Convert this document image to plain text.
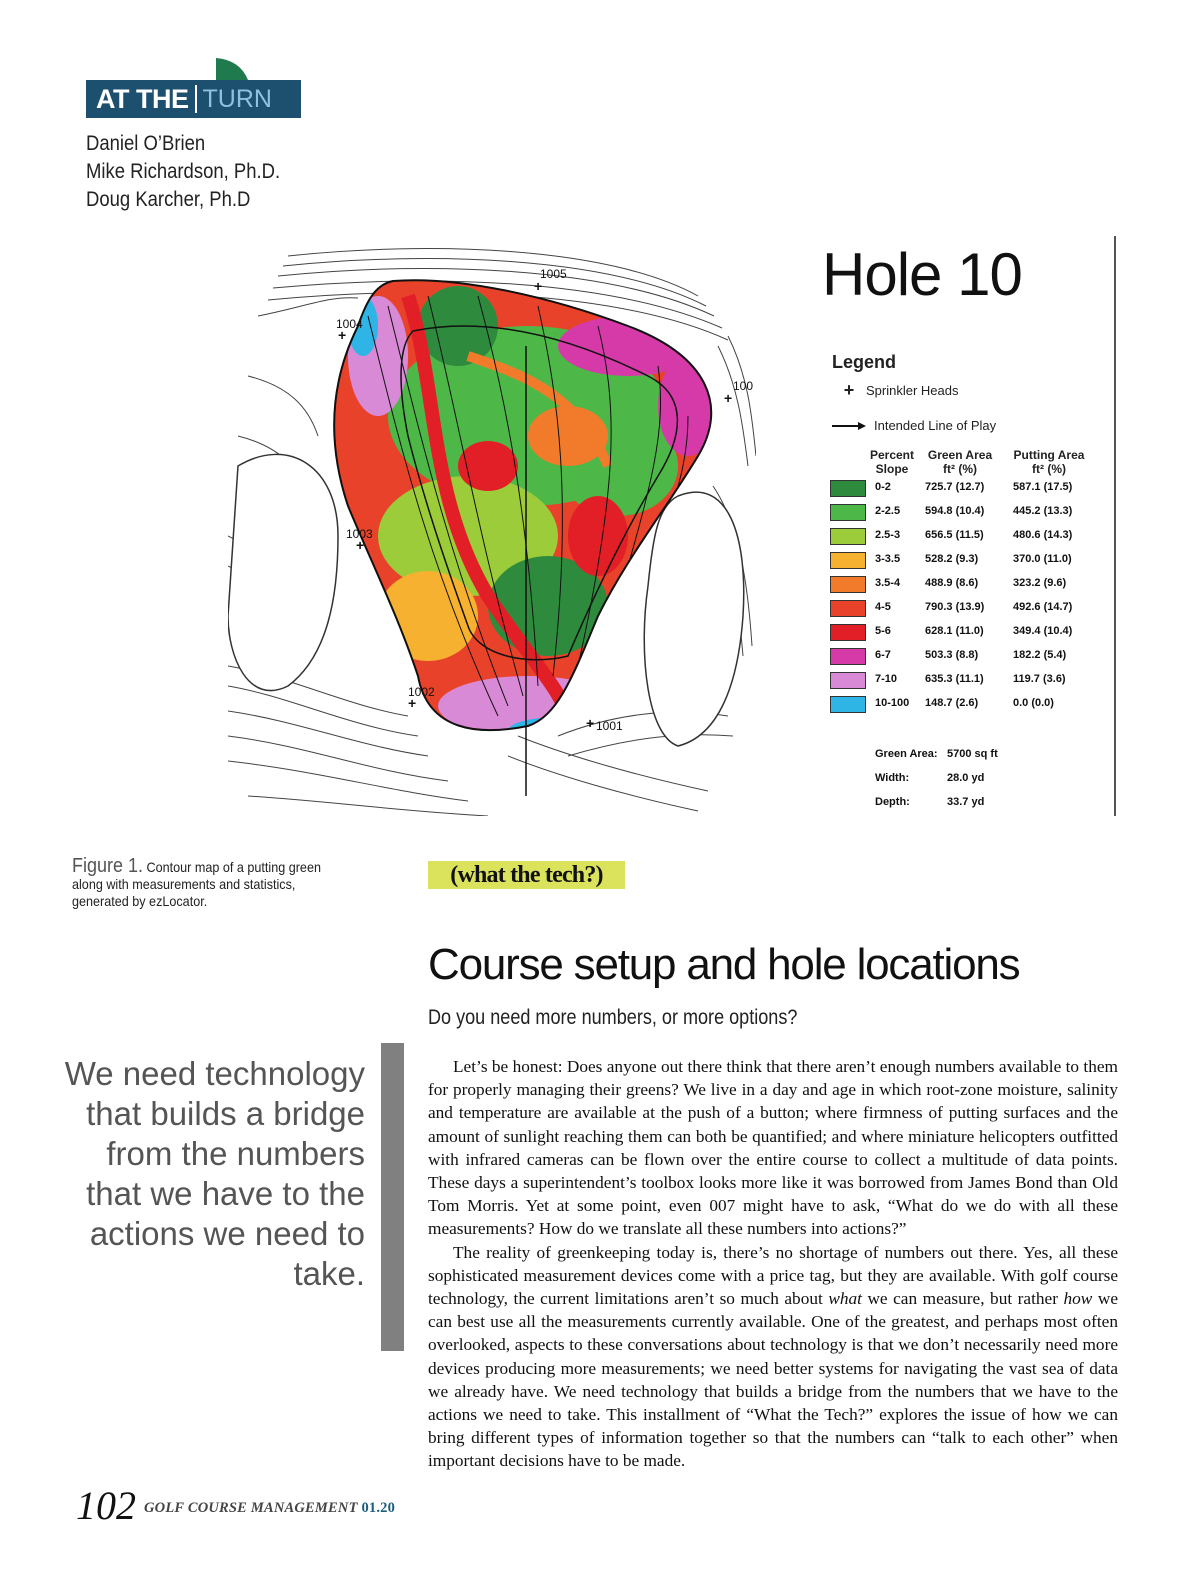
AT THE TURN
Daniel O’Brien
Mike Richardson, Ph.D.
Doug Karcher, Ph.D
1005
1004
1003
1002
1001
100
+
+
+
+
+
+
Hole 10
Legend
+ Sprinkler Heads
Intended Line of Play
Percent Slope
Green Area ft² (%)
Putting Area ft² (%)
0-2	725.7 (12.7)	587.1 (17.5)
2-2.5 594.8 (10.4)	445.2 (13.3)
2.5-3 656.5 (11.5)	480.6 (14.3)
3-3.5 528.2 (9.3)	370.0 (11.0)
3.5-4 488.9 (8.6)	323.2 (9.6)
4-5	790.3 (13.9)	492.6 (14.7)
5-6	628.1 (11.0)	349.4 (10.4)
6-7	503.3 (8.8)	182.2 (5.4)
7-10	635.3 (11.1)	119.7 (3.6)
10-100 148.7 (2.6)	0.0 (0.0)
Green Area: 5700 sq ft
Width:	28.0 yd
Depth:	33.7 yd
Figure 1. Contour map of a putting green along with measurements and statistics, generated by ezLocator.
(what the tech?)
Course setup and hole locations
Do you need more numbers, or more options?
We need technology that builds a bridge from the numbers that we have to the actions we need to take.

Let’s be honest: Does anyone out there think that there aren’t enough numbers available to them for properly managing their greens? We live in a day and age in which root-zone moisture, salinity and temperature are available at the push of a button; where firmness of putting surfaces and the amount of sunlight reaching them can both be quantified; and where miniature helicopters outfitted with infrared cameras can be flown over the entire course to collect a multitude of data points. These days a superintendent’s toolbox looks more like it was borrowed from James Bond than Old Tom Morris. Yet at some point, even 007 might have to ask, “What do we do with all these measurements? How do we translate all these numbers into actions?”

The reality of greenkeeping today is, there’s no shortage of numbers out there. Yes, all these sophisticated measurement devices come with a price tag, but they are available. With golf course technology, the current limitations aren’t so much about what we can measure, but rather how we can best use all the measurements currently available. One of the greatest, and perhaps most often overlooked, aspects to these conversations about technology is that we don’t necessarily need more devices producing more measurements; we need better systems for navigating the vast sea of data we already have. We need technology that builds a bridge from the numbers that we have to the actions we need to take. This installment of “What the Tech?” explores the issue of how we can bring different types of information together so that the numbers can “talk to each other” when important decisions have to be made.

102 GOLF COURSE MANAGEMENT 01.20
